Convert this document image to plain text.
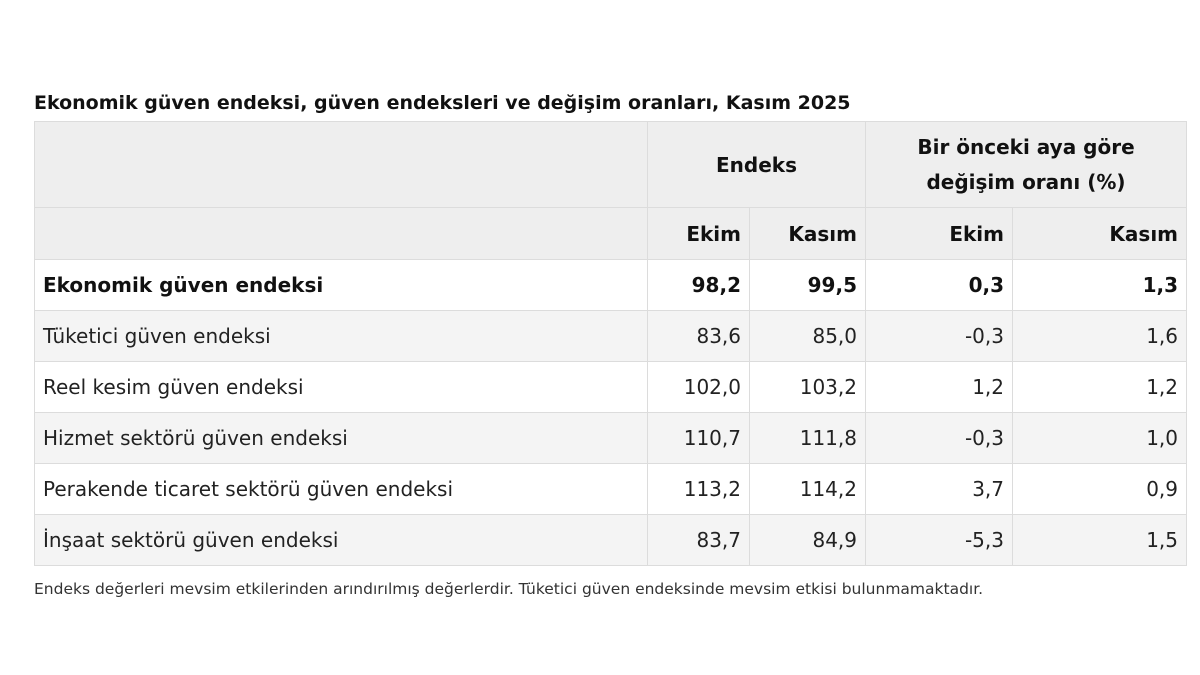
Ekonomik güven endeksi, güven endeksleri ve değişim oranları, Kasım 2025
	Endeks		Bir önceki aya göre değişim oranı (%)	
	Ekim	Kasım	Ekim	Kasım
Ekonomik güven endeksi	98,2	99,5	0,3	1,3
Tüketici güven endeksi	83,6	85,0	-0,3	1,6
Reel kesim güven endeksi	102,0	103,2	1,2	1,2
Hizmet sektörü güven endeksi	110,7	111,8	-0,3	1,0
Perakende ticaret sektörü güven endeksi	113,2	114,2	3,7	0,9
İnşaat sektörü güven endeksi	83,7	84,9	-5,3	1,5
Endeks değerleri mevsim etkilerinden arındırılmış değerlerdir. Tüketici güven endeksinde mevsim etkisi bulunmamaktadır.
